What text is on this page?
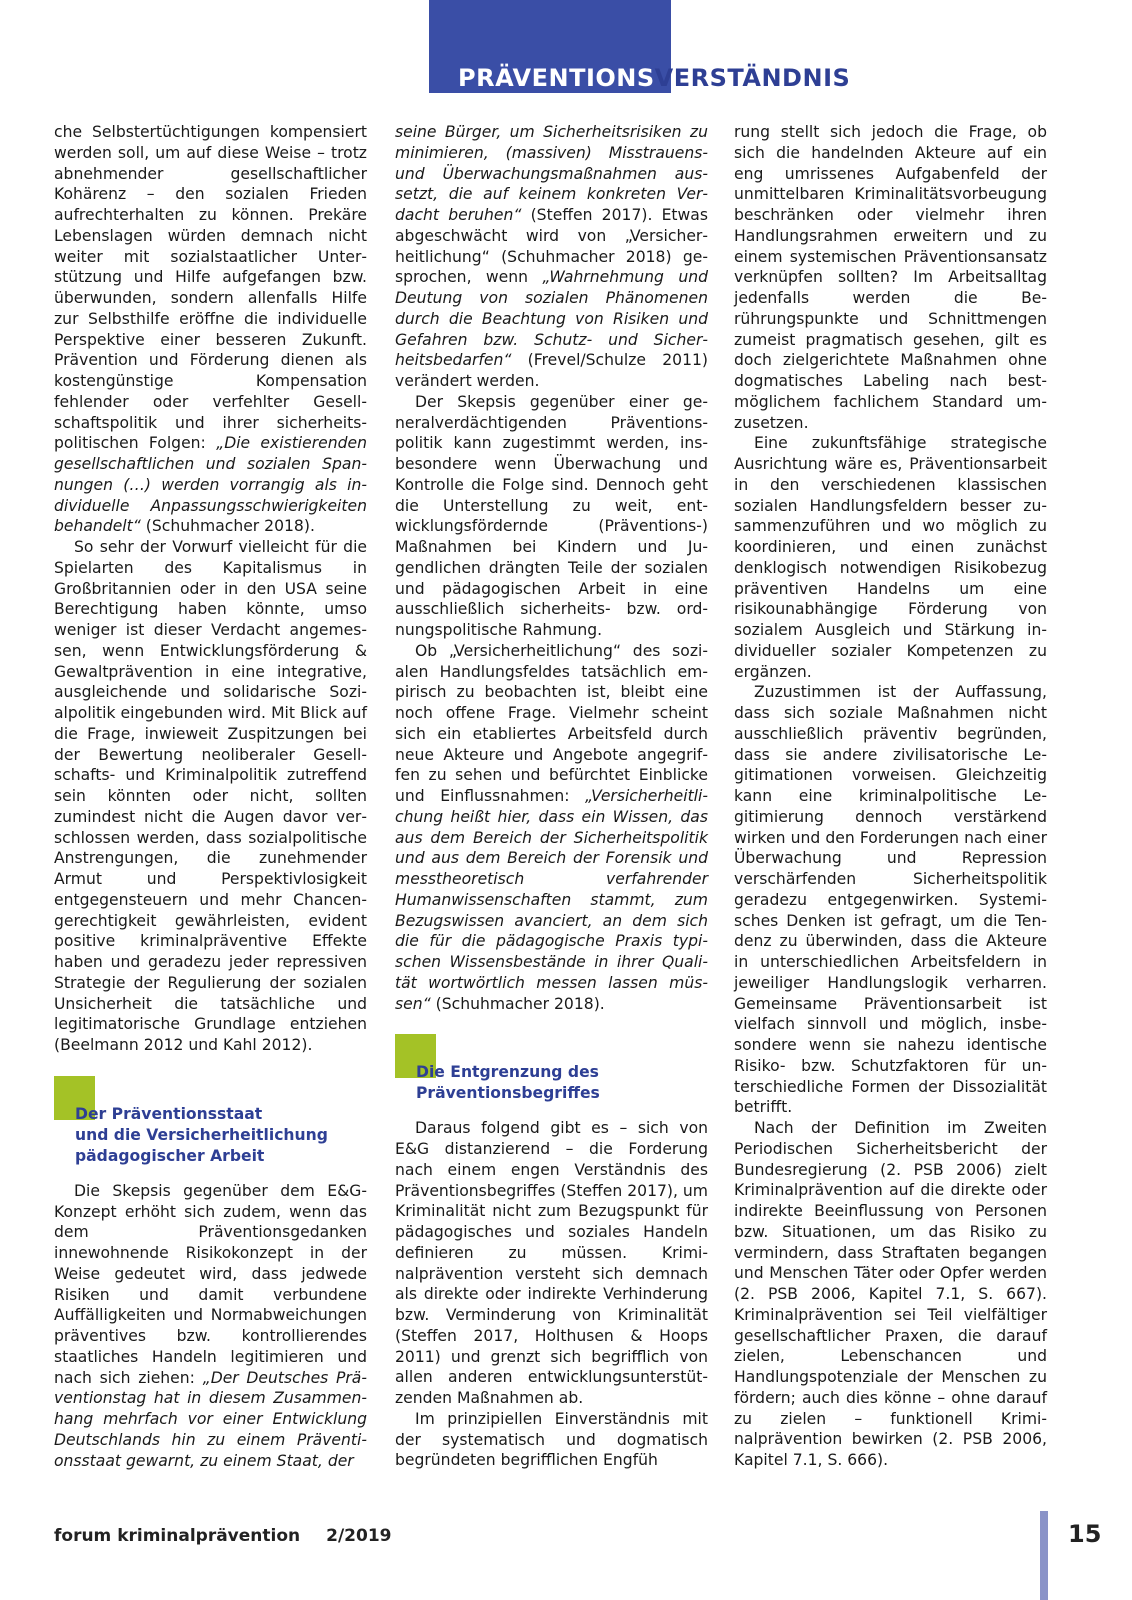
PRÄVENTIONSVERSTÄNDNIS

che Selbstertüchtigungen kompensiert werden soll, um auf diese Weise – trotz abnehmender gesellschaftlicher Kohärenz – den sozialen Frieden aufrechterhalten zu können. Prekäre Lebenslagen würden demnach nicht weiter mit sozialstaatlicher Unterstützung und Hilfe aufgefangen bzw. überwunden, sondern allenfalls Hilfe zur Selbsthilfe eröffne die individuelle Perspektive einer besseren Zukunft. Prävention und Förderung dienen als kostengünstige Kompensation fehlender oder verfehlter Gesellschaftspolitik und ihrer sicherheitspolitischen Folgen: „Die existierenden gesellschaftlichen und sozialen Spannungen (…) werden vorrangig als individuelle Anpassungsschwierigkeiten behandelt“ (Schuhmacher 2018).

So sehr der Vorwurf vielleicht für die Spielarten des Kapitalismus in Großbritannien oder in den USA seine Berechtigung haben könnte, umso weniger ist dieser Verdacht angemessen, wenn Entwicklungsförderung & Gewaltprävention in eine integrative, ausgleichende und solidarische Sozialpolitik eingebunden wird. Mit Blick auf die Frage, inwieweit Zuspitzungen bei der Bewertung neoliberaler Gesellschafts- und Kriminalpolitik zutreffend sein könnten oder nicht, sollten zumindest nicht die Augen davor verschlossen werden, dass sozialpolitische Anstrengungen, die zunehmender Armut und Perspektivlosigkeit entgegensteuern und mehr Chancengerechtigkeit gewährleisten, evident positive kriminalpräventive Effekte haben und geradezu jeder repressiven Strategie der Regulierung der sozialen Unsicherheit die tatsächliche und legitimatorische Grundlage entziehen (Beelmann 2012 und Kahl 2012).

Der Präventionsstaat
und die Versicherheitlichung
pädagogischer Arbeit

Die Skepsis gegenüber dem E&G-Konzept erhöht sich zudem, wenn das dem Präventionsgedanken innewohnende Risikokonzept in der Weise gedeutet wird, dass jedwede Risiken und damit verbundene Auffälligkeiten und Normabweichungen präventives bzw. kontrollierendes staatliches Handeln legitimieren und nach sich ziehen: „Der Deutsches Präventionstag hat in diesem Zusammenhang mehrfach vor einer Entwicklung Deutschlands hin zu einem Präventionsstaat gewarnt, zu einem Staat, der

seine Bürger, um Sicherheitsrisiken zu minimieren, (massiven) Misstrauens- und Überwachungsmaßnahmen aussetzt, die auf keinem konkreten Verdacht beruhen“ (Steffen 2017). Etwas abgeschwächt wird von „Versicherheitlichung“ (Schuhmacher 2018) gesprochen, wenn „Wahrnehmung und Deutung von sozialen Phänomenen durch die Beachtung von Risiken und Gefahren bzw. Schutz- und Sicherheitsbedarfen“ (Frevel/Schulze 2011) verändert werden.

Der Skepsis gegenüber einer generalverdächtigenden Präventionspolitik kann zugestimmt werden, insbesondere wenn Überwachung und Kontrolle die Folge sind. Dennoch geht die Unterstellung zu weit, entwicklungsfördernde (Präventions-) Maßnahmen bei Kindern und Jugendlichen drängten Teile der sozialen und pädagogischen Arbeit in eine ausschließlich sicherheits- bzw. ordnungspolitische Rahmung.

Ob „Versicherheitlichung“ des sozialen Handlungsfeldes tatsächlich empirisch zu beobachten ist, bleibt eine noch offene Frage. Vielmehr scheint sich ein etabliertes Arbeitsfeld durch neue Akteure und Angebote angegriffen zu sehen und befürchtet Einblicke und Einflussnahmen: „Versicherheitlichung heißt hier, dass ein Wissen, das aus dem Bereich der Sicherheitspolitik und aus dem Bereich der Forensik und messtheoretisch verfahrender Humanwissenschaften stammt, zum Bezugswissen avanciert, an dem sich die für die pädagogische Praxis typischen Wissensbestände in ihrer Qualität wortwörtlich messen lassen müssen“ (Schuhmacher 2018).

Die Entgrenzung des
Präventionsbegriffes

Daraus folgend gibt es – sich von E&G distanzierend – die Forderung nach einem engen Verständnis des Präventionsbegriffes (Steffen 2017), um Kriminalität nicht zum Bezugspunkt für pädagogisches und soziales Handeln definieren zu müssen. Kriminalprävention versteht sich demnach als direkte oder indirekte Verhinderung bzw. Verminderung von Kriminalität (Steffen 2017, Holthusen & Hoops 2011) und grenzt sich begrifflich von allen anderen entwicklungsunterstützenden Maßnahmen ab.

Im prinzipiellen Einverständnis mit der systematisch und dogmatisch begründeten begrifflichen Engfüh

rung stellt sich jedoch die Frage, ob sich die handelnden Akteure auf ein eng umrissenes Aufgabenfeld der unmittelbaren Kriminalitätsvorbeugung beschränken oder vielmehr ihren Handlungsrahmen erweitern und zu einem systemischen Präventionsansatz verknüpfen sollten? Im Arbeitsalltag jedenfalls werden die Berührungspunkte und Schnittmengen zumeist pragmatisch gesehen, gilt es doch zielgerichtete Maßnahmen ohne dogmatisches Labeling nach bestmöglichem fachlichem Standard umzusetzen.

Eine zukunftsfähige strategische Ausrichtung wäre es, Präventionsarbeit in den verschiedenen klassischen sozialen Handlungsfeldern besser zusammenzuführen und wo möglich zu koordinieren, und einen zunächst denklogisch notwendigen Risikobezug präventiven Handelns um eine risikounabhängige Förderung von sozialem Ausgleich und Stärkung individueller sozialer Kompetenzen zu ergänzen.

Zuzustimmen ist der Auffassung, dass sich soziale Maßnahmen nicht ausschließlich präventiv begründen, dass sie andere zivilisatorische Legitimationen vorweisen. Gleichzeitig kann eine kriminalpolitische Legitimierung dennoch verstärkend wirken und den Forderungen nach einer Überwachung und Repression verschärfenden Sicherheitspolitik geradezu entgegenwirken. Systemisches Denken ist gefragt, um die Tendenz zu überwinden, dass die Akteure in unterschiedlichen Arbeitsfeldern in jeweiliger Handlungslogik verharren. Gemeinsame Präventionsarbeit ist vielfach sinnvoll und möglich, insbesondere wenn sie nahezu identische Risiko- bzw. Schutzfaktoren für unterschiedliche Formen der Dissozialität betrifft.

Nach der Definition im Zweiten Periodischen Sicherheitsbericht der Bundesregierung (2. PSB 2006) zielt Kriminalprävention auf die direkte oder indirekte Beeinflussung von Personen bzw. Situationen, um das Risiko zu vermindern, dass Straftaten begangen und Menschen Täter oder Opfer werden (2. PSB 2006, Kapitel 7.1, S. 667). Kriminalprävention sei Teil vielfältiger gesellschaftlicher Praxen, die darauf zielen, Lebenschancen und Handlungspotenziale der Menschen zu fördern; auch dies könne – ohne darauf zu zielen – funktionell Kriminalprävention bewirken (2. PSB 2006, Kapitel 7.1, S. 666).

forum kriminalprävention 2/2019	15
